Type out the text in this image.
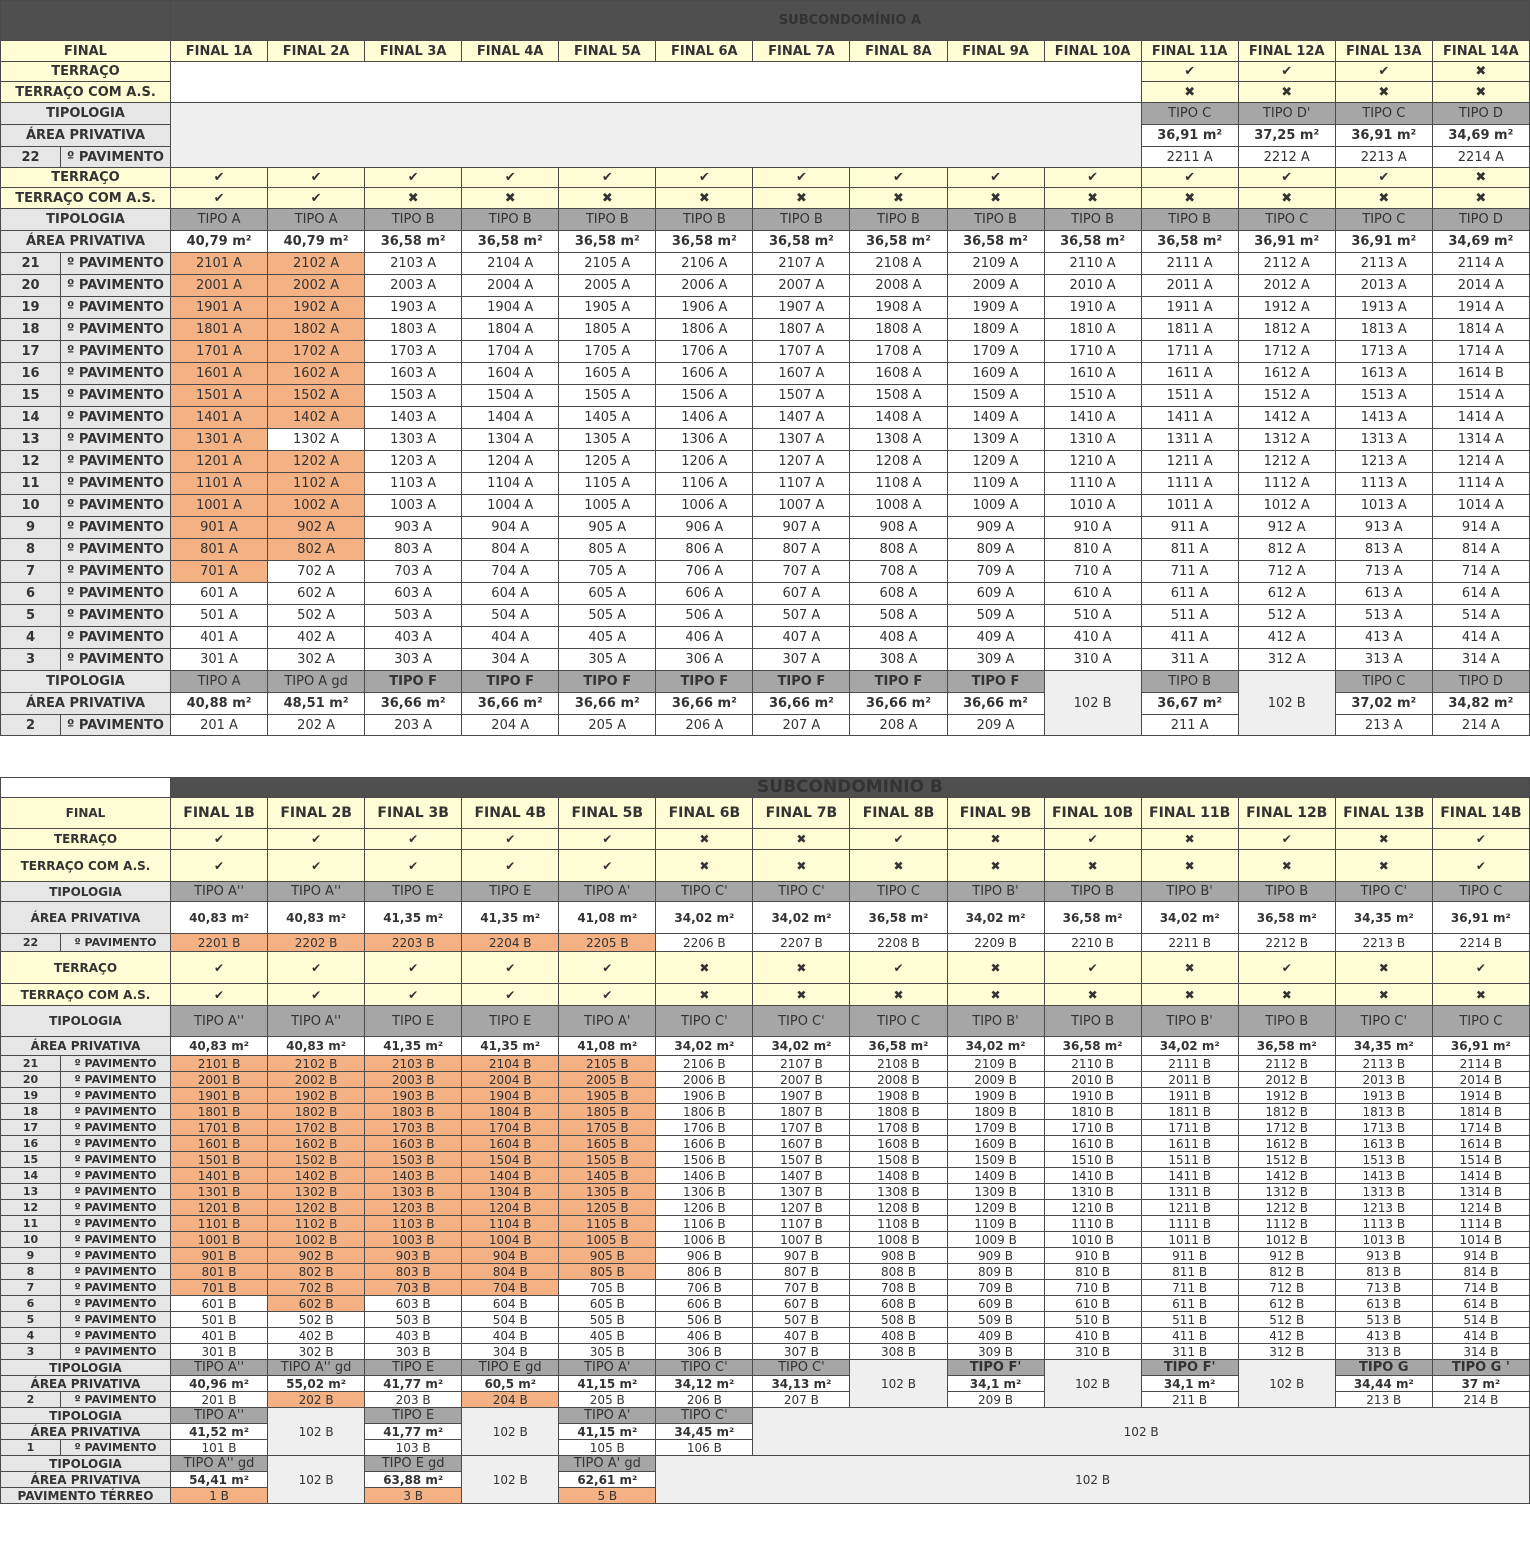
		SUBCONDOMÍNIO A													
FINAL		FINAL 1A	FINAL 2A	FINAL 3A	FINAL 4A	FINAL 5A	FINAL 6A	FINAL 7A	FINAL 8A	FINAL 9A	FINAL 10A	FINAL 11A	FINAL 12A	FINAL 13A	FINAL 14A
TERRAÇO												✔	✔	✔	✖
TERRAÇO COM A.S.												✖	✖	✖	✖
TIPOLOGIA												TIPO C	TIPO D'	TIPO C	TIPO D
ÁREA PRIVATIVA												36,91 m²	37,25 m²	36,91 m²	34,69 m²
22	º PAVIMENTO											2211 A	2212 A	2213 A	2214 A
TERRAÇO		✔	✔	✔	✔	✔	✔	✔	✔	✔	✔	✔	✔	✔	✖
TERRAÇO COM A.S.		✔	✔	✖	✖	✖	✖	✖	✖	✖	✖	✖	✖	✖	✖
TIPOLOGIA		TIPO A	TIPO A	TIPO B	TIPO B	TIPO B	TIPO B	TIPO B	TIPO B	TIPO B	TIPO B	TIPO B	TIPO C	TIPO C	TIPO D
ÁREA PRIVATIVA		40,79 m²	40,79 m²	36,58 m²	36,58 m²	36,58 m²	36,58 m²	36,58 m²	36,58 m²	36,58 m²	36,58 m²	36,58 m²	36,91 m²	36,91 m²	34,69 m²
21	º PAVIMENTO	2101 A	2102 A	2103 A	2104 A	2105 A	2106 A	2107 A	2108 A	2109 A	2110 A	2111 A	2112 A	2113 A	2114 A
20	º PAVIMENTO	2001 A	2002 A	2003 A	2004 A	2005 A	2006 A	2007 A	2008 A	2009 A	2010 A	2011 A	2012 A	2013 A	2014 A
19	º PAVIMENTO	1901 A	1902 A	1903 A	1904 A	1905 A	1906 A	1907 A	1908 A	1909 A	1910 A	1911 A	1912 A	1913 A	1914 A
18	º PAVIMENTO	1801 A	1802 A	1803 A	1804 A	1805 A	1806 A	1807 A	1808 A	1809 A	1810 A	1811 A	1812 A	1813 A	1814 A
17	º PAVIMENTO	1701 A	1702 A	1703 A	1704 A	1705 A	1706 A	1707 A	1708 A	1709 A	1710 A	1711 A	1712 A	1713 A	1714 A
16	º PAVIMENTO	1601 A	1602 A	1603 A	1604 A	1605 A	1606 A	1607 A	1608 A	1609 A	1610 A	1611 A	1612 A	1613 A	1614 B
15	º PAVIMENTO	1501 A	1502 A	1503 A	1504 A	1505 A	1506 A	1507 A	1508 A	1509 A	1510 A	1511 A	1512 A	1513 A	1514 A
14	º PAVIMENTO	1401 A	1402 A	1403 A	1404 A	1405 A	1406 A	1407 A	1408 A	1409 A	1410 A	1411 A	1412 A	1413 A	1414 A
13	º PAVIMENTO	1301 A	1302 A	1303 A	1304 A	1305 A	1306 A	1307 A	1308 A	1309 A	1310 A	1311 A	1312 A	1313 A	1314 A
12	º PAVIMENTO	1201 A	1202 A	1203 A	1204 A	1205 A	1206 A	1207 A	1208 A	1209 A	1210 A	1211 A	1212 A	1213 A	1214 A
11	º PAVIMENTO	1101 A	1102 A	1103 A	1104 A	1105 A	1106 A	1107 A	1108 A	1109 A	1110 A	1111 A	1112 A	1113 A	1114 A
10	º PAVIMENTO	1001 A	1002 A	1003 A	1004 A	1005 A	1006 A	1007 A	1008 A	1009 A	1010 A	1011 A	1012 A	1013 A	1014 A
9	º PAVIMENTO	901 A	902 A	903 A	904 A	905 A	906 A	907 A	908 A	909 A	910 A	911 A	912 A	913 A	914 A
8	º PAVIMENTO	801 A	802 A	803 A	804 A	805 A	806 A	807 A	808 A	809 A	810 A	811 A	812 A	813 A	814 A
7	º PAVIMENTO	701 A	702 A	703 A	704 A	705 A	706 A	707 A	708 A	709 A	710 A	711 A	712 A	713 A	714 A
6	º PAVIMENTO	601 A	602 A	603 A	604 A	605 A	606 A	607 A	608 A	609 A	610 A	611 A	612 A	613 A	614 A
5	º PAVIMENTO	501 A	502 A	503 A	504 A	505 A	506 A	507 A	508 A	509 A	510 A	511 A	512 A	513 A	514 A
4	º PAVIMENTO	401 A	402 A	403 A	404 A	405 A	406 A	407 A	408 A	409 A	410 A	411 A	412 A	413 A	414 A
3	º PAVIMENTO	301 A	302 A	303 A	304 A	305 A	306 A	307 A	308 A	309 A	310 A	311 A	312 A	313 A	314 A
TIPOLOGIA		TIPO A	TIPO A gd	TIPO F	TIPO F	TIPO F	TIPO F	TIPO F	TIPO F	TIPO F	102 B	TIPO B	102 B	TIPO C	TIPO D
ÁREA PRIVATIVA		40,88 m²	48,51 m²	36,66 m²	36,66 m²	36,66 m²	36,66 m²	36,66 m²	36,66 m²	36,66 m²		36,67 m²		37,02 m²	34,82 m²
2	º PAVIMENTO	201 A	202 A	203 A	204 A	205 A	206 A	207 A	208 A	209 A		211 A		213 A	214 A
		SUBCONDOMINIO B													
FINAL		FINAL 1B	FINAL 2B	FINAL 3B	FINAL 4B	FINAL 5B	FINAL 6B	FINAL 7B	FINAL 8B	FINAL 9B	FINAL 10B	FINAL 11B	FINAL 12B	FINAL 13B	FINAL 14B
TERRAÇO		✔	✔	✔	✔	✔	✖	✖	✔	✖	✔	✖	✔	✖	✔
TERRAÇO COM A.S.		✔	✔	✔	✔	✔	✖	✖	✖	✖	✖	✖	✖	✖	✔
TIPOLOGIA		TIPO A''	TIPO A''	TIPO E	TIPO E	TIPO A'	TIPO C'	TIPO C'	TIPO C	TIPO B'	TIPO B	TIPO B'	TIPO B	TIPO C'	TIPO C
ÁREA PRIVATIVA		40,83 m²	40,83 m²	41,35 m²	41,35 m²	41,08 m²	34,02 m²	34,02 m²	36,58 m²	34,02 m²	36,58 m²	34,02 m²	36,58 m²	34,35 m²	36,91 m²
22	º PAVIMENTO	2201 B	2202 B	2203 B	2204 B	2205 B	2206 B	2207 B	2208 B	2209 B	2210 B	2211 B	2212 B	2213 B	2214 B
TERRAÇO		✔	✔	✔	✔	✔	✖	✖	✔	✖	✔	✖	✔	✖	✔
TERRAÇO COM A.S.		✔	✔	✔	✔	✔	✖	✖	✖	✖	✖	✖	✖	✖	✖
TIPOLOGIA		TIPO A''	TIPO A''	TIPO E	TIPO E	TIPO A'	TIPO C'	TIPO C'	TIPO C	TIPO B'	TIPO B	TIPO B'	TIPO B	TIPO C'	TIPO C
ÁREA PRIVATIVA		40,83 m²	40,83 m²	41,35 m²	41,35 m²	41,08 m²	34,02 m²	34,02 m²	36,58 m²	34,02 m²	36,58 m²	34,02 m²	36,58 m²	34,35 m²	36,91 m²
21	º PAVIMENTO	2101 B	2102 B	2103 B	2104 B	2105 B	2106 B	2107 B	2108 B	2109 B	2110 B	2111 B	2112 B	2113 B	2114 B
20	º PAVIMENTO	2001 B	2002 B	2003 B	2004 B	2005 B	2006 B	2007 B	2008 B	2009 B	2010 B	2011 B	2012 B	2013 B	2014 B
19	º PAVIMENTO	1901 B	1902 B	1903 B	1904 B	1905 B	1906 B	1907 B	1908 B	1909 B	1910 B	1911 B	1912 B	1913 B	1914 B
18	º PAVIMENTO	1801 B	1802 B	1803 B	1804 B	1805 B	1806 B	1807 B	1808 B	1809 B	1810 B	1811 B	1812 B	1813 B	1814 B
17	º PAVIMENTO	1701 B	1702 B	1703 B	1704 B	1705 B	1706 B	1707 B	1708 B	1709 B	1710 B	1711 B	1712 B	1713 B	1714 B
16	º PAVIMENTO	1601 B	1602 B	1603 B	1604 B	1605 B	1606 B	1607 B	1608 B	1609 B	1610 B	1611 B	1612 B	1613 B	1614 B
15	º PAVIMENTO	1501 B	1502 B	1503 B	1504 B	1505 B	1506 B	1507 B	1508 B	1509 B	1510 B	1511 B	1512 B	1513 B	1514 B
14	º PAVIMENTO	1401 B	1402 B	1403 B	1404 B	1405 B	1406 B	1407 B	1408 B	1409 B	1410 B	1411 B	1412 B	1413 B	1414 B
13	º PAVIMENTO	1301 B	1302 B	1303 B	1304 B	1305 B	1306 B	1307 B	1308 B	1309 B	1310 B	1311 B	1312 B	1313 B	1314 B
12	º PAVIMENTO	1201 B	1202 B	1203 B	1204 B	1205 B	1206 B	1207 B	1208 B	1209 B	1210 B	1211 B	1212 B	1213 B	1214 B
11	º PAVIMENTO	1101 B	1102 B	1103 B	1104 B	1105 B	1106 B	1107 B	1108 B	1109 B	1110 B	1111 B	1112 B	1113 B	1114 B
10	º PAVIMENTO	1001 B	1002 B	1003 B	1004 B	1005 B	1006 B	1007 B	1008 B	1009 B	1010 B	1011 B	1012 B	1013 B	1014 B
9	º PAVIMENTO	901 B	902 B	903 B	904 B	905 B	906 B	907 B	908 B	909 B	910 B	911 B	912 B	913 B	914 B
8	º PAVIMENTO	801 B	802 B	803 B	804 B	805 B	806 B	807 B	808 B	809 B	810 B	811 B	812 B	813 B	814 B
7	º PAVIMENTO	701 B	702 B	703 B	704 B	705 B	706 B	707 B	708 B	709 B	710 B	711 B	712 B	713 B	714 B
6	º PAVIMENTO	601 B	602 B	603 B	604 B	605 B	606 B	607 B	608 B	609 B	610 B	611 B	612 B	613 B	614 B
5	º PAVIMENTO	501 B	502 B	503 B	504 B	505 B	506 B	507 B	508 B	509 B	510 B	511 B	512 B	513 B	514 B
4	º PAVIMENTO	401 B	402 B	403 B	404 B	405 B	406 B	407 B	408 B	409 B	410 B	411 B	412 B	413 B	414 B
3	º PAVIMENTO	301 B	302 B	303 B	304 B	305 B	306 B	307 B	308 B	309 B	310 B	311 B	312 B	313 B	314 B
TIPOLOGIA		TIPO A''	TIPO A'' gd	TIPO E	TIPO E gd	TIPO A'	TIPO C'	TIPO C'	102 B	TIPO F'	102 B	TIPO F'	102 B	TIPO G	TIPO G '
ÁREA PRIVATIVA		40,96 m²	55,02 m²	41,77 m²	60,5 m²	41,15 m²	34,12 m²	34,13 m²		34,1 m²		34,1 m²		34,44 m²	37 m²
2	º PAVIMENTO	201 B	202 B	203 B	204 B	205 B	206 B	207 B		209 B		211 B		213 B	214 B
TIPOLOGIA		TIPO A''	102 B	TIPO E	102 B	TIPO A'	TIPO C'	102 B							
ÁREA PRIVATIVA		41,52 m²		41,77 m²		41,15 m²	34,45 m²								
1	º PAVIMENTO	101 B		103 B		105 B	106 B								
TIPOLOGIA		TIPO A'' gd	102 B	TIPO E gd	102 B	TIPO A' gd	102 B								
ÁREA PRIVATIVA		54,41 m²		63,88 m²		62,61 m²									
PAVIMENTO TÉRREO		1 B		3 B		5 B									
